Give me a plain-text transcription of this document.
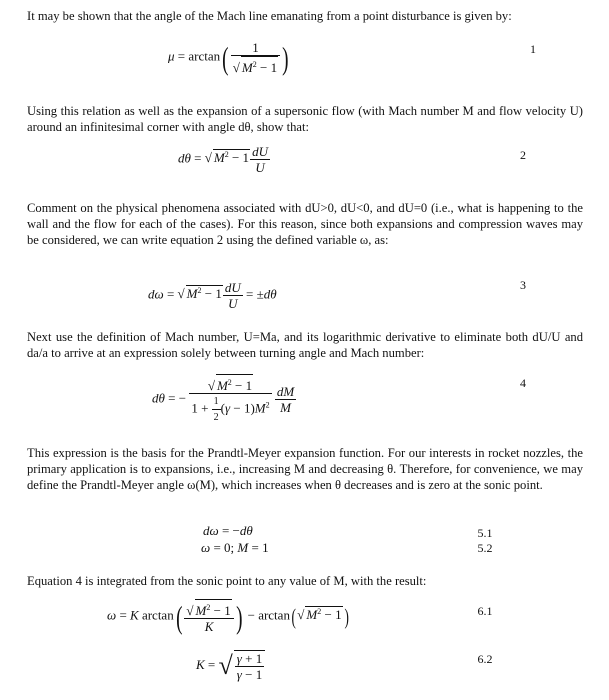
It may be shown that the angle of the Mach line emanating from a point disturbance is given by:

$\mu = \arctan( \frac{1}{√ M^2 - 1}$ )	1

Using this relation as well as the expansion of a supersonic flow (with Mach number M and flow velocity U) around an infinitesimal corner with angle dθ, show that:

dθ = √ $M^2 - 1 \frac{dU}{U}$	2

Comment on the physical phenomena associated with dU>0, dU<0, and dU=0 (i.e., what is happening to the wall and the flow for each of the cases). For this reason, since both expansions and compression waves may be considered, we can write equation 2 using the defined variable ω, as:

dω = √ $M^2 - 1 \frac{dU}{U} = \pm d\theta$
3

Next use the definition of Mach number, U=Ma, and its logarithmic derivative to eliminate both dU/U and da/a to arrive at an expression solely between turning angle and Mach number:

dθ = − $\frac{√ M^2 - 1}{1 + \frac{1}{2} (\gamma - 1)M^2}$
$\frac{dM}{M}$
4

This expression is the basis for the Prandtl-Meyer expansion function. For our interests in rocket nozzles, the primary application is to expansions, i.e., increasing M and decreasing θ. Therefore, for convenience, we may define the Prandtl-Meyer angle ω(M), which increases when θ decreases and is zero at the sonic point.

dω = −dθ
ω = 0; M = 1
5.1
5.2

Equation 4 is integrated from the sonic point to any value of M, with the result:

ω = K $\arctan( \frac{√ M^2 - 1}{K}$ ) − arctan(√ $M^2 - 1$ )	6.1
K = √ $\frac{\gamma + 1}{\gamma - 1}$	6.2
